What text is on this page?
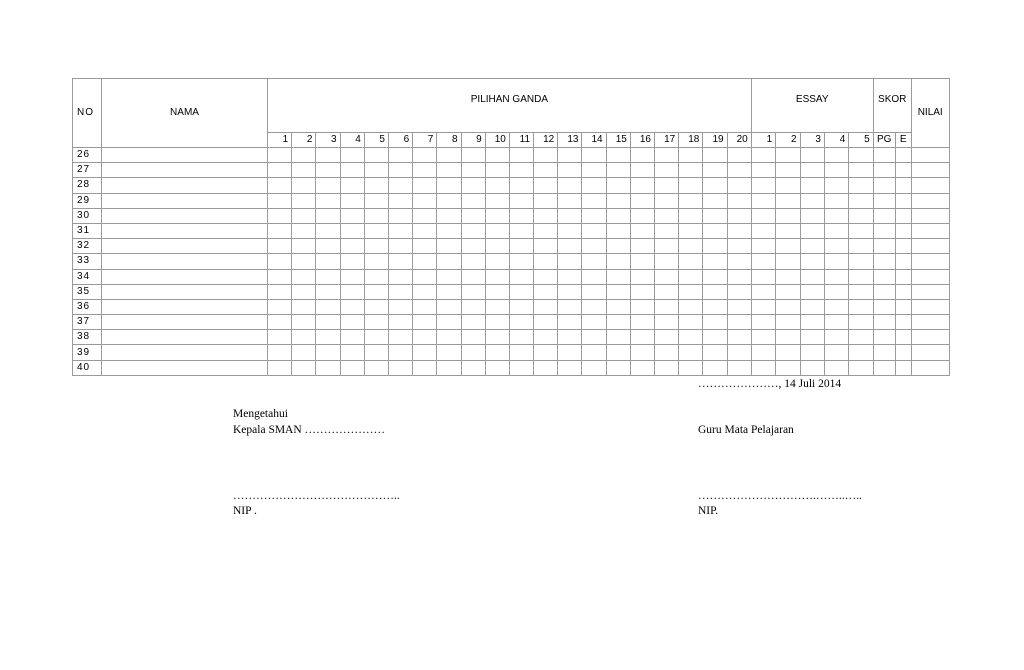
NO	NAMA	PILIHAN GANDA																				ESSAY					SKOR		NILAI
		1	2	3	4	5	6	7	8	9	10	11	12	13	14	15	16	17	18	19	20	1	2	3	4	5	PG	E	
26																													
27																													
28																													
29																													
30																													
31																													
32																													
33																													
34																													
35																													
36																													
37																													
38																													
39																													
40																													
…………………, 14 Juli 2014
Mengetahui
Kepala SMAN …………………	Guru Mata Pelajaran
……………………………………..	………………………….……..…..
NIP .	NIP.
